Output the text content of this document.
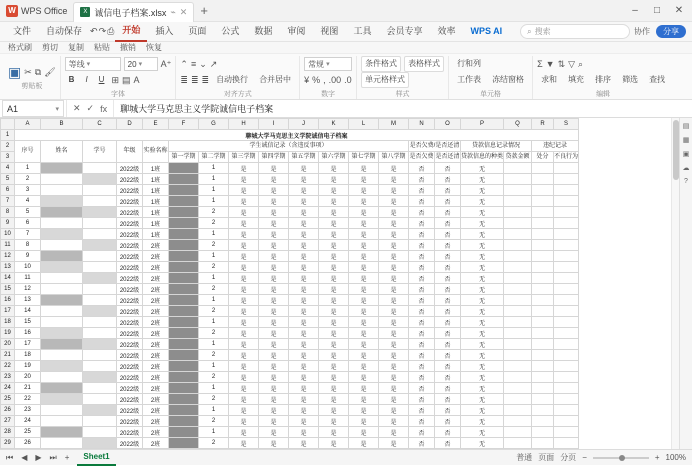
W WPS Office	X 诚信电子档案.xlsx ⌁ ✕	+	–	□	✕
文件	自动保存 ↶ ↷ ⎙ 开始	插入	页面	公式	数据	审阅	视图	工具	会员专享	效率	WPS AI	⌕ 搜索	协作	分享
格式刷 剪切 复制 粘贴 撤销 恢复
▣ ✂ ⧉ 🖌
剪贴板
等线 ▾	20 ▾ A⁺
B	I	U ⊞ ▤ A
字体
⌃ ≡ ⌄ ↗
≣ ≣ ≣ 自动换行	合并居中
对齐方式
常规 ▾
¥ % , .00 .0
数字
条件格式	表格样式
单元格样式
样式
行和列
工作表	冻结窗格
单元格
Σ ▼ ⇅ ▽ ⌕
求和	填充	排序	筛选	查找
编辑
A1	▾ ✕ ✓ fx	聊城大学马克思主义学院诚信电子档案
	A	B	C	D	E	F	G	H	I	J	K	L	M	N	O	P	Q	R	S
1	聊城大学马克思主义学院诚信电子档案																		
2	序号	姓名	学号	年级	实验名称	学生诚信记录（含违反事项）								是否欠费/是否还清		贷款信息记录情况		违纪记录	
3						第一学期	第二学期	第三学期	第四学期	第五学期	第六学期	第七学期	第八学期	是否欠费	是否还清	贷款信息的种类	贷款金额	处分	不良行为
4	1			2022级	1班		1	是	是	是	是	是	是	否	否	无			
5	2			2022级	1班		1	是	是	是	是	是	是	否	否	无			
6	3			2022级	1班		1	是	是	是	是	是	是	否	否	无			
7	4			2022级	1班		1	是	是	是	是	是	是	否	否	无			
8	5			2022级	1班		2	是	是	是	是	是	是	否	否	无			
9	6			2022级	1班		2	是	是	是	是	是	是	否	否	无			
10	7			2022级	1班		1	是	是	是	是	是	是	否	否	无			
11	8			2022级	2班		2	是	是	是	是	是	是	否	否	无			
12	9			2022级	2班		1	是	是	是	是	是	是	否	否	无			
13	10			2022级	2班		2	是	是	是	是	是	是	否	否	无			
14	11			2022级	2班		1	是	是	是	是	是	是	否	否	无			
15	12			2022级	2班		2	是	是	是	是	是	是	否	否	无			
16	13			2022级	2班		1	是	是	是	是	是	是	否	否	无			
17	14			2022级	2班		2	是	是	是	是	是	是	否	否	无			
18	15			2022级	2班		1	是	是	是	是	是	是	否	否	无			
19	16			2022级	2班		2	是	是	是	是	是	是	否	否	无			
20	17			2022级	2班		1	是	是	是	是	是	是	否	否	无			
21	18			2022级	2班		2	是	是	是	是	是	是	否	否	无			
22	19			2022级	2班		1	是	是	是	是	是	是	否	否	无			
23	20			2022级	2班		2	是	是	是	是	是	是	否	否	无			
24	21			2022级	2班		1	是	是	是	是	是	是	否	否	无			
25	22			2022级	2班		2	是	是	是	是	是	是	否	否	无			
26	23			2022级	2班		1	是	是	是	是	是	是	否	否	无			
27	24			2022级	2班		2	是	是	是	是	是	是	否	否	无			
28	25			2022级	2班		1	是	是	是	是	是	是	否	否	无			
29	26			2022级	2班		2	是	是	是	是	是	是	否	否	无			
▤
▦
▣
☁
?
⏮ ◀ ▶ ⏭ +	Sheet1	普通 页面 分页 −	+ 100%
